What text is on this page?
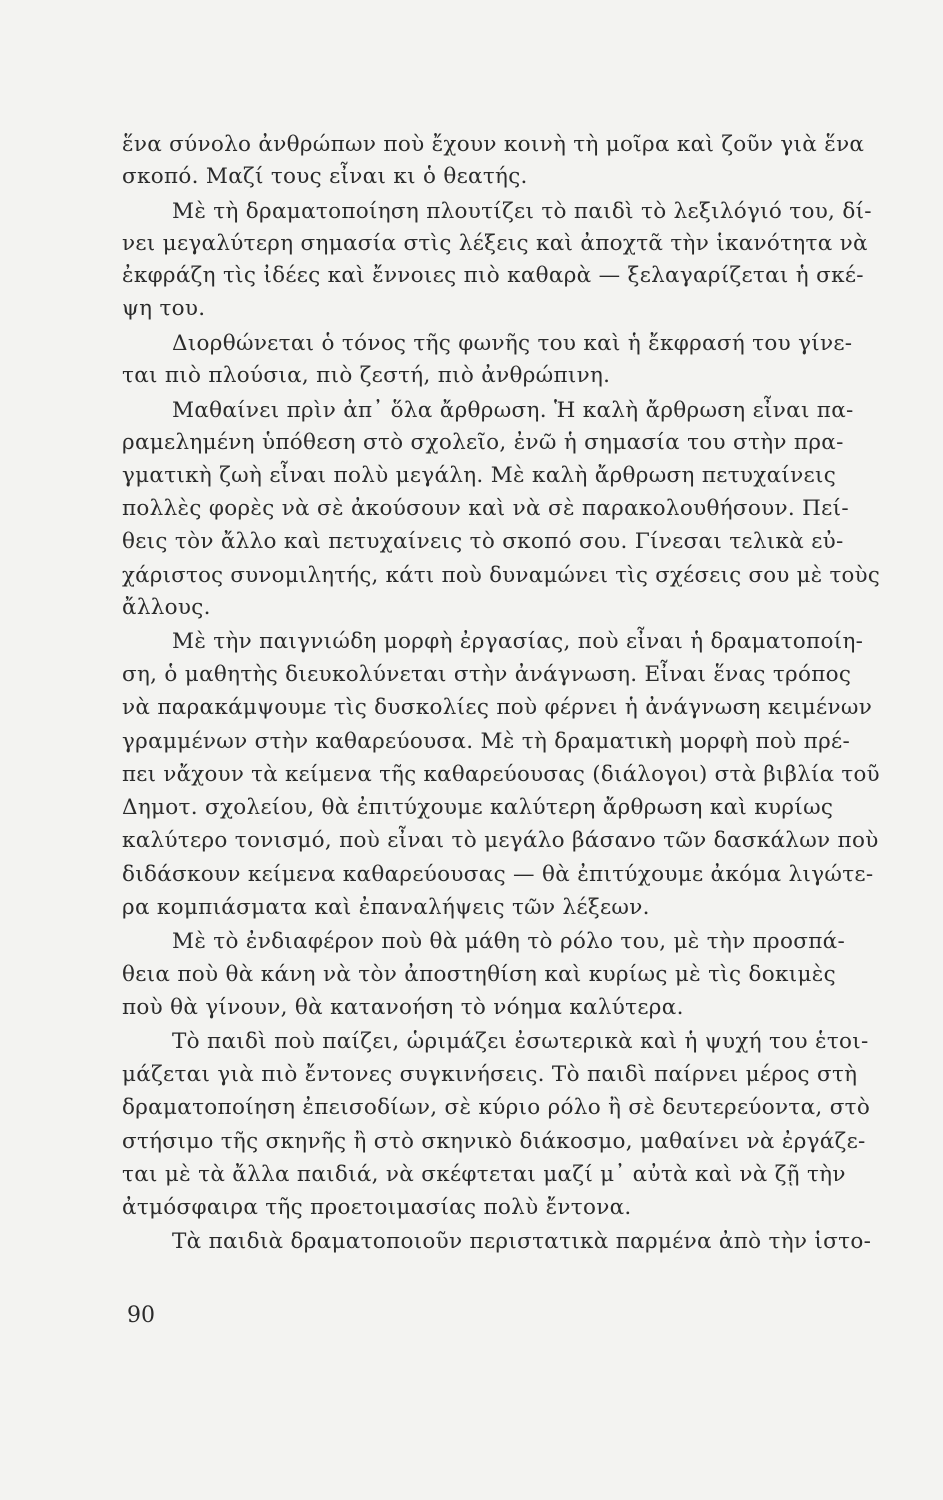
ἕνα σύνολο ἀνθρώπων ποὺ ἔχουν κοινὴ τὴ μοῖρα καὶ ζοῦν γιὰ ἕνα
σκοπό. Μαζί τους εἶναι κι ὁ θεατής.
Μὲ τὴ δραματοποίηση πλουτίζει τὸ παιδὶ τὸ λεξιλόγιό του, δί-
νει μεγαλύτερη σημασία στὶς λέξεις καὶ ἀποχτᾶ τὴν ἱκανότητα νὰ
ἐκφράζη τὶς ἰδέες καὶ ἔννοιες πιὸ καθαρὰ — ξελαγαρίζεται ἡ σκέ-
ψη του.
Διορθώνεται ὁ τόνος τῆς φωνῆς του καὶ ἡ ἔκφρασή του γίνε-
ται πιὸ πλούσια, πιὸ ζεστή, πιὸ ἀνθρώπινη.
Μαθαίνει πρὶν ἀπ᾽ ὅλα ἄρθρωση. Ἡ καλὴ ἄρθρωση εἶναι πα-
ραμελημένη ὑπόθεση στὸ σχολεῖο, ἐνῶ ἡ σημασία του στὴν πρα-
γματικὴ ζωὴ εἶναι πολὺ μεγάλη. Μὲ καλὴ ἄρθρωση πετυχαίνεις
πολλὲς φορὲς νὰ σὲ ἀκούσουν καὶ νὰ σὲ παρακολουθήσουν. Πεί-
θεις τὸν ἄλλο καὶ πετυχαίνεις τὸ σκοπό σου. Γίνεσαι τελικὰ εὐ-
χάριστος συνομιλητής, κάτι ποὺ δυναμώνει τὶς σχέσεις σου μὲ τοὺς
ἄλλους.
Μὲ τὴν παιγνιώδη μορφὴ ἐργασίας, ποὺ εἶναι ἡ δραματοποίη-
ση, ὁ μαθητὴς διευκολύνεται στὴν ἀνάγνωση. Εἶναι ἕνας τρόπος
νὰ παρακάμψουμε τὶς δυσκολίες ποὺ φέρνει ἡ ἀνάγνωση κειμένων
γραμμένων στὴν καθαρεύουσα. Μὲ τὴ δραματικὴ μορφὴ ποὺ πρέ-
πει νἄχουν τὰ κείμενα τῆς καθαρεύουσας (διάλογοι) στὰ βιβλία τοῦ
Δημοτ. σχολείου, θὰ ἐπιτύχουμε καλύτερη ἄρθρωση καὶ κυρίως
καλύτερο τονισμό, ποὺ εἶναι τὸ μεγάλο βάσανο τῶν δασκάλων ποὺ
διδάσκουν κείμενα καθαρεύουσας — θὰ ἐπιτύχουμε ἀκόμα λιγώτε-
ρα κομπιάσματα καὶ ἐπαναλήψεις τῶν λέξεων.
Μὲ τὸ ἐνδιαφέρον ποὺ θὰ μάθη τὸ ρόλο του, μὲ τὴν προσπά-
θεια ποὺ θὰ κάνη νὰ τὸν ἀποστηθίση καὶ κυρίως μὲ τὶς δοκιμὲς
ποὺ θὰ γίνουν, θὰ κατανοήση τὸ νόημα καλύτερα.
Τὸ παιδὶ ποὺ παίζει, ὡριμάζει ἐσωτερικὰ καὶ ἡ ψυχή του ἑτοι-
μάζεται γιὰ πιὸ ἔντονες συγκινήσεις. Τὸ παιδὶ παίρνει μέρος στὴ
δραματοποίηση ἐπεισοδίων, σὲ κύριο ρόλο ἢ σὲ δευτερεύοντα, στὸ
στήσιμο τῆς σκηνῆς ἢ στὸ σκηνικὸ διάκοσμο, μαθαίνει νὰ ἐργάζε-
ται μὲ τὰ ἄλλα παιδιά, νὰ σκέφτεται μαζί μ᾽ αὐτὰ καὶ νὰ ζῇ τὴν
ἀτμόσφαιρα τῆς προετοιμασίας πολὺ ἔντονα.
Τὰ παιδιὰ δραματοποιοῦν περιστατικὰ παρμένα ἀπὸ τὴν ἱστο-
90
